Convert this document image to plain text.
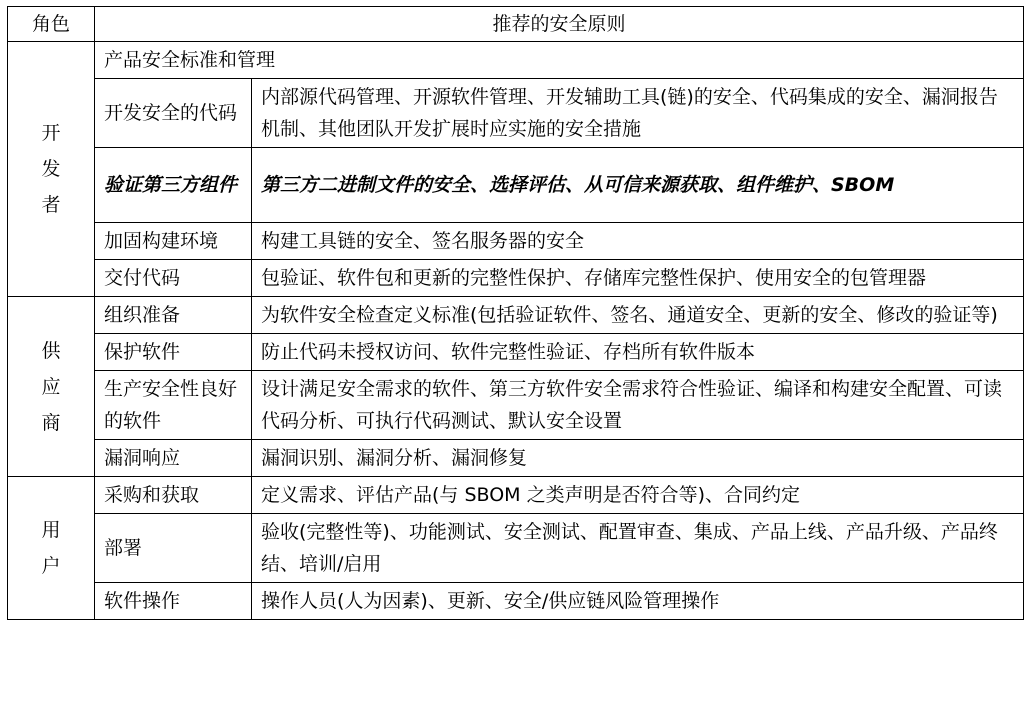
角色	推荐的安全原则	

开
发
者	产品安全标准和管理	
	开发安全的代码	内部源代码管理、开源软件管理、开发辅助工具(链)的安全、代码集成的安全、漏洞报告机制、其他团队开发扩展时应实施的安全措施
	验证第三方组件	第三方二进制文件的安全、选择评估、从可信来源获取、组件维护、SBOM
	加固构建环境	构建工具链的安全、签名服务器的安全
	交付代码	包验证、软件包和更新的完整性保护、存储库完整性保护、使用安全的包管理器

供
应
商	组织准备	为软件安全检查定义标准(包括验证软件、签名、通道安全、更新的安全、修改的验证等)
	保护软件	防止代码未授权访问、软件完整性验证、存档所有软件版本
	生产安全性良好的软件	设计满足安全需求的软件、第三方软件安全需求符合性验证、编译和构建安全配置、可读代码分析、可执行代码测试、默认安全设置
	漏洞响应	漏洞识别、漏洞分析、漏洞修复

用
户	采购和获取	定义需求、评估产品(与 SBOM 之类声明是否符合等)、合同约定
	部署	验收(完整性等)、功能测试、安全测试、配置审查、集成、产品上线、产品升级、产品终结、培训/启用
	软件操作	操作人员(人为因素)、更新、安全/供应链风险管理操作
